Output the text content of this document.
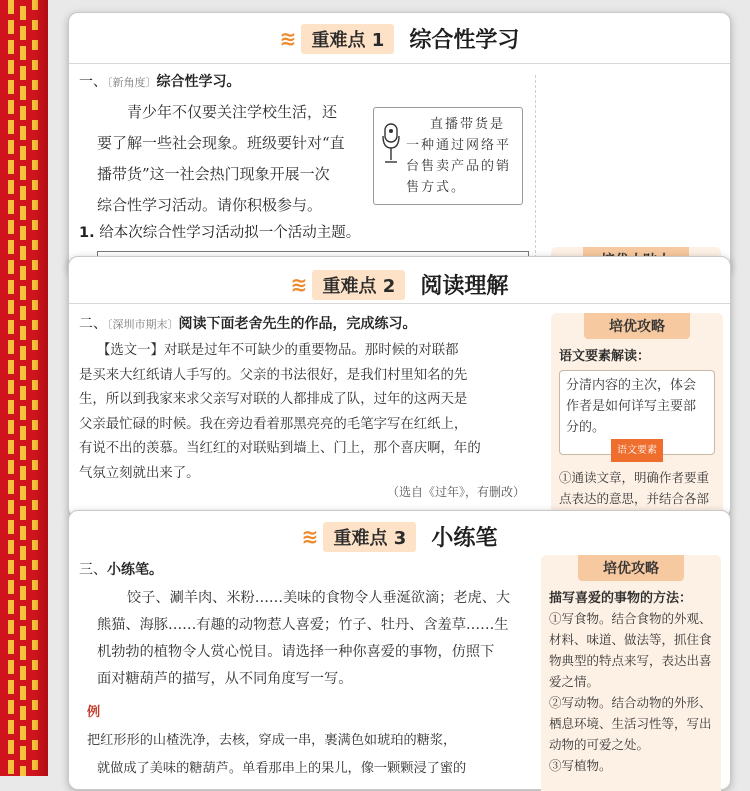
≋ 重难点 1 综合性学习
一、〔新角度〕综合性学习。
青少年不仅要关注学校生活，还
要了解一些社会现象。班级要针对“直
播带货”这一社会热门现象开展一次
综合性学习活动。请你积极参与。
直播带货是
一种通过网络平
台售卖产品的销
售方式。
1. 给本次综合性学习活动拟一个活动主题。
≋ 重难点 2 阅读理解
二、〔深圳市期末〕阅读下面老舍先生的作品，完成练习。
【选文一】对联是过年不可缺少的重要物品。那时候的对联都
是买来大红纸请人手写的。父亲的书法很好，是我们村里知名的先
生，所以到我家来求父亲写对联的人都排成了队，过年的这两天是
父亲最忙碌的时候。我在旁边看着那黑亮亮的毛笔字写在红纸上，
有说不出的羡慕。当红红的对联贴到墙上、门上，那个喜庆啊，年的
气氛立刻就出来了。
（选自《过年》，有删改）
培优攻略
语文要素解读：
分清内容的主次，体会作者是如何详写主要部分的。
语文要素
①通读文章，明确作者要重点表达的意思，并结合各部
≋ 重难点 3 小练笔
三、小练笔。
饺子、涮羊肉、米粉……美味的食物令人垂涎欲滴；老虎、大
熊猫、海豚……有趣的动物惹人喜爱；竹子、牡丹、含羞草……生
机勃勃的植物令人赏心悦目。请选择一种你喜爱的事物，仿照下
面对糖葫芦的描写，从不同角度写一写。
例
把红形形的山楂洗净，去核，穿成一串，裹满色如琥珀的糖浆，
就做成了美味的糖葫芦。单看那串上的果儿，像一颗颗浸了蜜的
培优攻略
描写喜爱的事物的方法：
①写食物。结合食物的外观、材料、味道、做法等，抓住食物典型的特点来写，表达出喜爱之情。
②写动物。结合动物的外形、栖息环境、生活习性等，写出动物的可爱之处。
③写植物。
